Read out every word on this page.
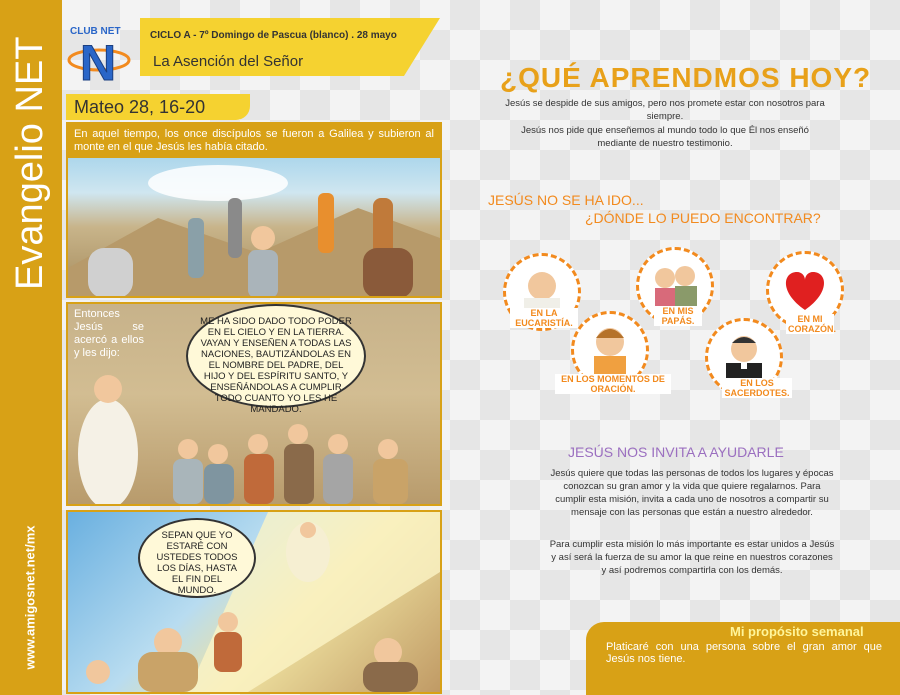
Evangelio NET
www.amigosnet.net/mx
N
CLUB NET	CICLO A - 7º Domingo de Pascua (blanco) . 28 mayo
La Asención del Señor
Mateo 28, 16-20
En aquel tiempo, los once discípulos se fueron a Galilea y subieron al monte en el que Jesús les había citado.
Entonces Jesús se acercó a ellos y les dijo:
ME HA SIDO DADO TODO PODER EN EL CIELO Y EN LA TIERRA. VAYAN Y ENSEÑEN A TODAS LAS NACIONES, BAUTIZÁNDOLAS EN EL NOMBRE DEL PADRE, DEL HIJO Y DEL ESPÍRITU SANTO, Y ENSEÑÁNDOLAS A CUMPLIR TODO CUANTO YO LES HE MANDADO.
SEPAN QUE YO ESTARÉ CON USTEDES TODOS LOS DÍAS, HASTA EL FIN DEL MUNDO.
¿QUÉ APRENDMOS HOY?
Jesús se despide de sus amigos, pero nos promete estar con nosotros para siempre.
Jesús nos pide que enseñemos al mundo todo lo que Él nos enseñó mediante de nuestro testimonio.
JESÚS NO SE HA IDO...
¿DÓNDE LO PUEDO ENCONTRAR?
EN LA EUCARISTÍA.
EN MIS PAPÁS.	EN MI CORAZÓN.
EN LOS MOMENTOS DE ORACIÓN.
EN LOS SACERDOTES.
JESÚS NOS INVITA A AYUDARLE
Jesús quiere que todas las personas de todos los lugares y épocas conozcan su gran amor y la vida que quiere regalarnos. Para cumplir esta misión, invita a cada uno de nosotros a compartir su mensaje con las personas que están a nuestro alrededor.
Para cumplir esta misión lo más importante es estar unidos a Jesús y así será la fuerza de su amor la que reine en nuestros corazones y así podremos compartirla con los demás.
Mi propósito semanal
Platicaré con una persona sobre el gran amor que Jesús nos tiene.
